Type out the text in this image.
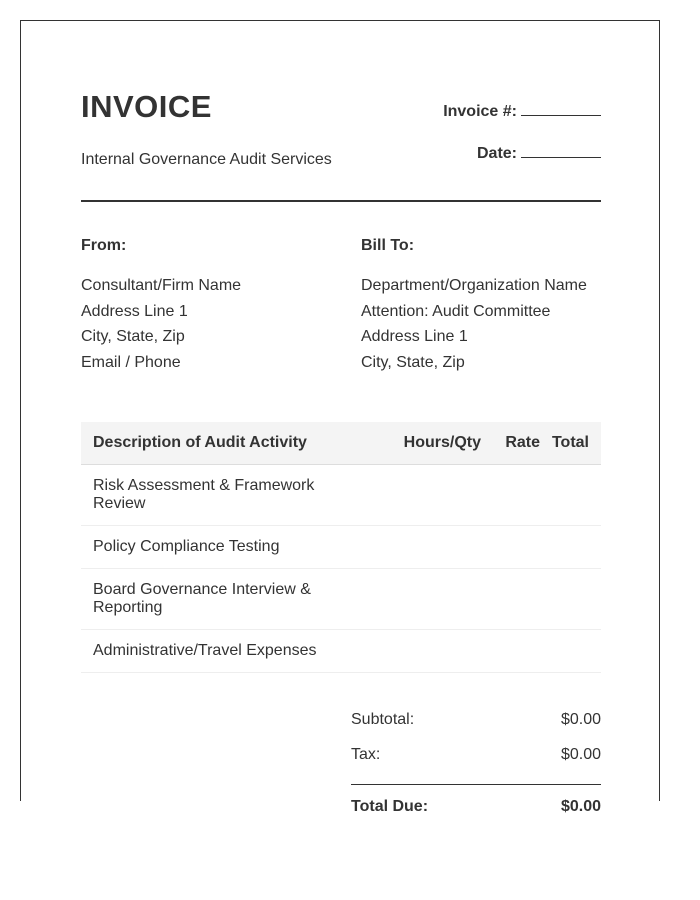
INVOICE
Internal Governance Audit Services
Invoice #:
Date:
From:
Consultant/Firm Name
Address Line 1
City, State, Zip
Email / Phone
Bill To:
Department/Organization Name
Attention: Audit Committee
Address Line 1
City, State, Zip
Description of Audit Activity	Hours/Qty	Rate Total
Risk Assessment & Framework Review
Policy Compliance Testing
Board Governance Interview & Reporting
Administrative/Travel Expenses
Subtotal:	$0.00
Tax:	$0.00
Total Due:	$0.00
